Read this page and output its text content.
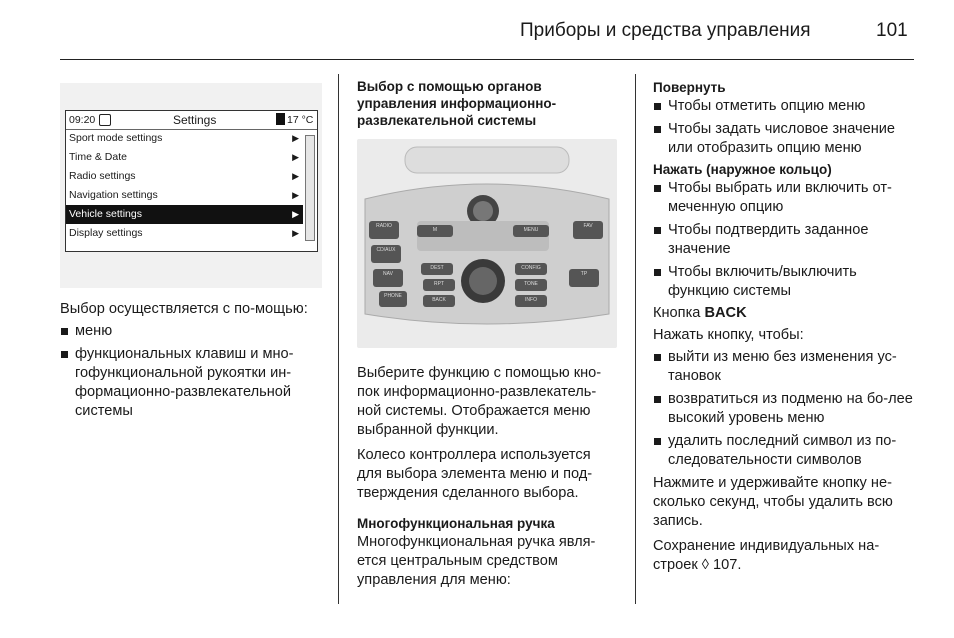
Приборы и средства управления	101
09:20	Settings	17 °C
Sport mode settings	▶
Time & Date	▶
Radio settings	▶
Navigation settings	▶
Vehicle settings	▶
Display settings	▶

Выбор осуществляется с по-мощью:

меню
функциональных клавиш и мно-гофункциональной рукоятки ин-формационно-развлекательной системы

Выбор с помощью органов управления информационно-развлекательной системы

RADIO
CD/AUX
NAV
PHONE
DEST	CONFIG
BACK	INFO
FAV
TP
TONE
RPT
M	MENU

Выберите функцию с помощью кно-пок информационно-развлекатель-ной системы. Отображается меню выбранной функции.

Колесо контроллера используется для выбора элемента меню и под-тверждения сделанного выбора.

Многофункциональная ручка

Многофункциональная ручка явля-ется центральным средством управления для меню:

Повернуть

Чтобы отметить опцию меню
Чтобы задать числовое значение или отобразить опцию меню

Нажать (наружное кольцо)

Чтобы выбрать или включить от-меченную опцию
Чтобы подтвердить заданное значение
Чтобы включить/выключить функцию системы

Кнопка BACK

Нажать кнопку, чтобы:

выйти из меню без изменения ус-тановок
возвратиться из подменю на бо-лее высокий уровень меню
удалить последний символ из по-следовательности символов

Нажмите и удерживайте кнопку не-сколько секунд, чтобы удалить всю запись.

Сохранение индивидуальных на-строек ◊ 107.
